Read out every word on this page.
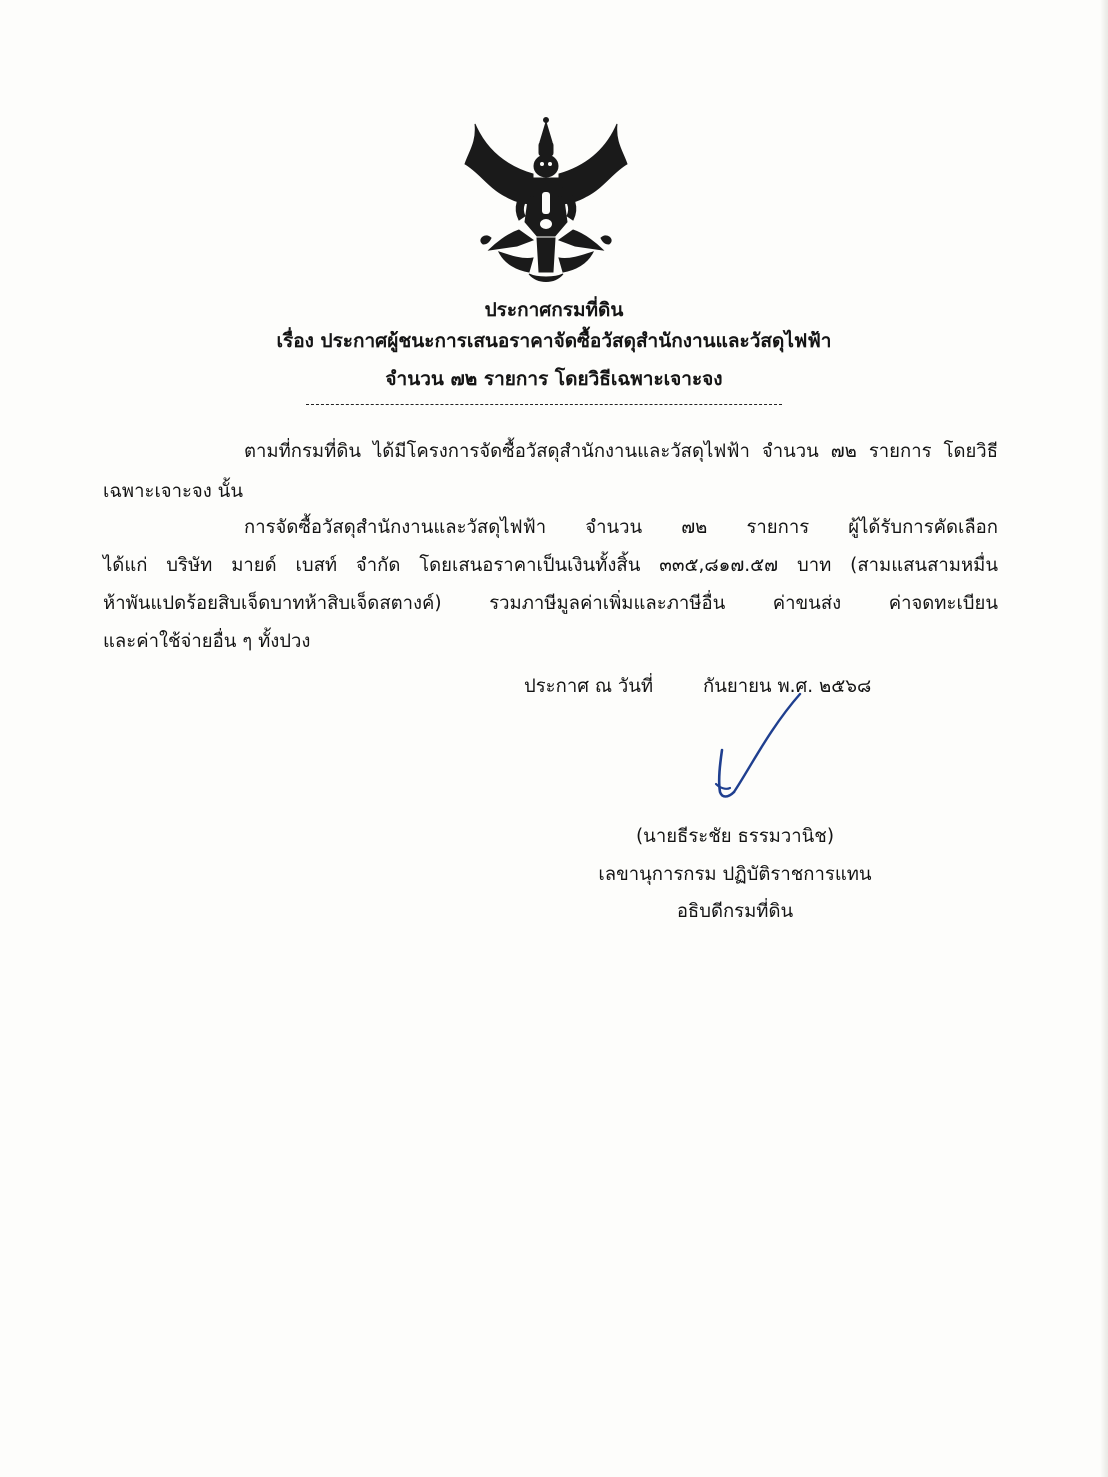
ประกาศกรมที่ดิน
เรื่อง ประกาศผู้ชนะการเสนอราคาจัดซื้อวัสดุสำนักงานและวัสดุไฟฟ้า
จำนวน ๗๒ รายการ โดยวิธีเฉพาะเจาะจง
ตามที่กรมที่ดิน ได้มีโครงการจัดซื้อวัสดุสำนักงานและวัสดุไฟฟ้า จำนวน ๗๒ รายการ โดยวิธี
เฉพาะเจาะจง นั้น
การจัดซื้อวัสดุสำนักงานและวัสดุไฟฟ้า จำนวน ๗๒ รายการ ผู้ได้รับการคัดเลือก
ได้แก่ บริษัท มายด์ เบสท์ จำกัด โดยเสนอราคาเป็นเงินทั้งสิ้น ๓๓๕,๘๑๗.๕๗ บาท (สามแสนสามหมื่น
ห้าพันแปดร้อยสิบเจ็ดบาทห้าสิบเจ็ดสตางค์) รวมภาษีมูลค่าเพิ่มและภาษีอื่น ค่าขนส่ง ค่าจดทะเบียน
และค่าใช้จ่ายอื่น ๆ ทั้งปวง
ประกาศ ณ วันที่	กันยายน พ.ศ. ๒๕๖๘
(นายธีระชัย ธรรมวานิช)
เลขานุการกรม ปฏิบัติราชการแทน
อธิบดีกรมที่ดิน
